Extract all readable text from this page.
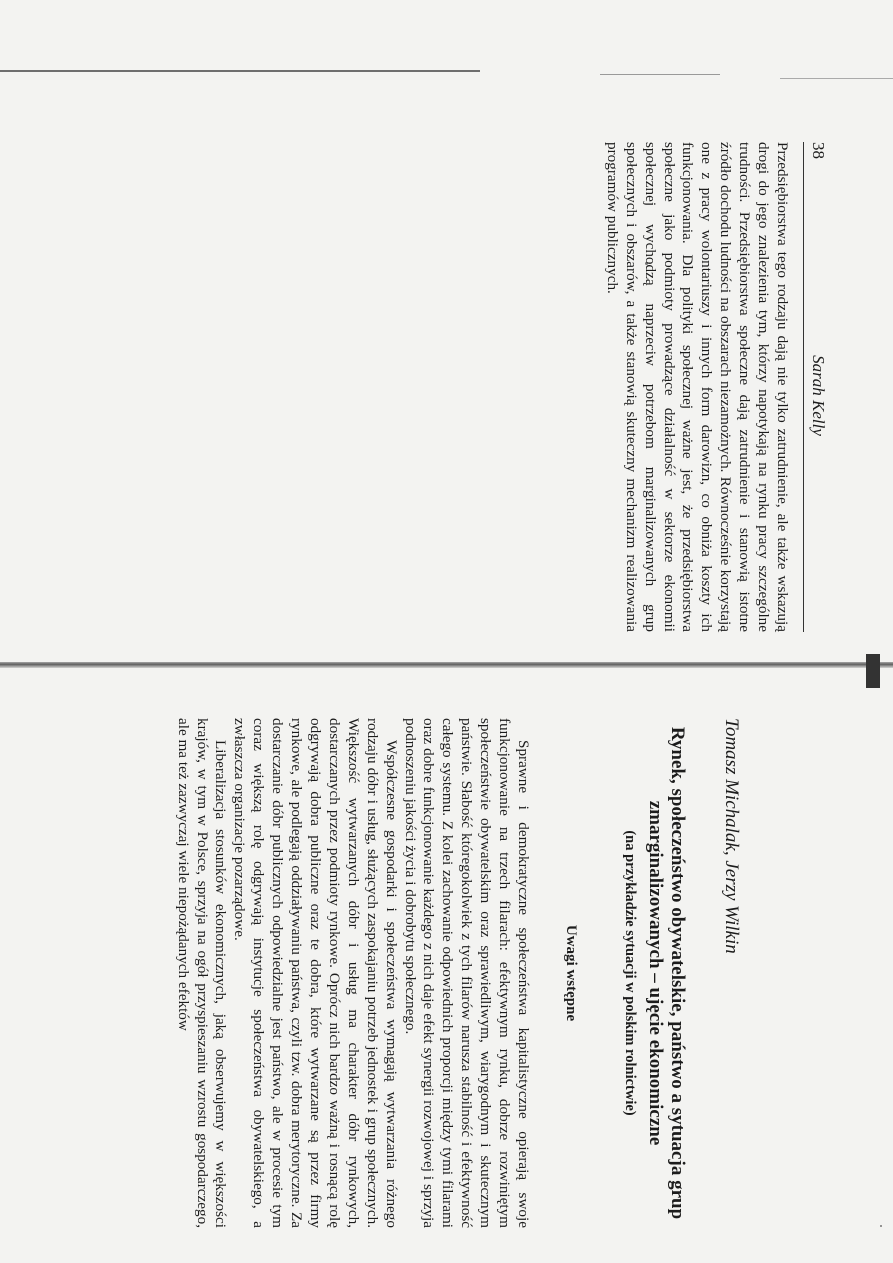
38
Sarah Kelly

Przedsiębiorstwa tego rodzaju dają nie tylko zatrudnienie, ale także wskazują drogi do jego znalezienia tym, którzy napotykają na rynku pracy szczególne trudności. Przedsiębiorstwa społeczne dają zatrudnienie i stanowią istotne źródło dochodu ludności na obszarach niezamożnych. Równocześnie korzystają one z pracy wolontariuszy i innych form darowizn, co obniża koszty ich funkcjonowania. Dla polityki społecznej ważne jest, że przedsiębiorstwa społeczne jako podmioty prowadzące działalność w sektorze ekonomii społecznej wychodzą naprzeciw potrzebom marginalizowanych grup społecznych i obszarów, a także stanowią skuteczny mechanizm realizowania programów publicznych.

Tomasz Michalak, Jerzy Wilkin

Rynek, społeczeństwo obywatelskie, państwo a sytuacja grup zmarginalizowanych – ujęcie ekonomiczne

(na przykładzie sytuacji w polskim rolnictwie)

Uwagi wstępne

Sprawne i demokratyczne społeczeństwa kapitalistyczne opierają swoje funkcjonowanie na trzech filarach: efektywnym rynku, dobrze rozwiniętym społeczeństwie obywatelskim oraz sprawiedliwym, wiarygodnym i skutecznym państwie. Słabość któregokolwiek z tych filarów narusza stabilność i efektywność całego systemu. Z kolei zachowanie odpowiednich proporcji między tymi filarami oraz dobre funkcjonowanie każdego z nich daje efekt synergii rozwojowej i sprzyja podnoszeniu jakości życia i dobrobytu społecznego.

Współczesne gospodarki i społeczeństwa wymagają wytwarzania różnego rodzaju dóbr i usług, służących zaspokajaniu potrzeb jednostek i grup społecznych. Większość wytwarzanych dóbr i usług ma charakter dóbr rynkowych, dostarczanych przez podmioty rynkowe. Oprócz nich bardzo ważną i rosnącą rolę odgrywają dobra publiczne oraz te dobra, które wytwarzane są przez firmy rynkowe, ale podlegają oddziaływaniu państwa, czyli tzw. dobra merytoryczne. Za dostarczanie dóbr publicznych odpowiedzialne jest państwo, ale w procesie tym coraz większą rolę odgrywają instytucje społeczeństwa obywatelskiego, a zwłaszcza organizacje pozarządowe.

Liberalizacja stosunków ekonomicznych, jaką obserwujemy w większości krajów, w tym w Polsce, sprzyja na ogół przyspieszaniu wzrostu gospodarczego, ale ma też zazwyczaj wiele niepożądanych efektów
